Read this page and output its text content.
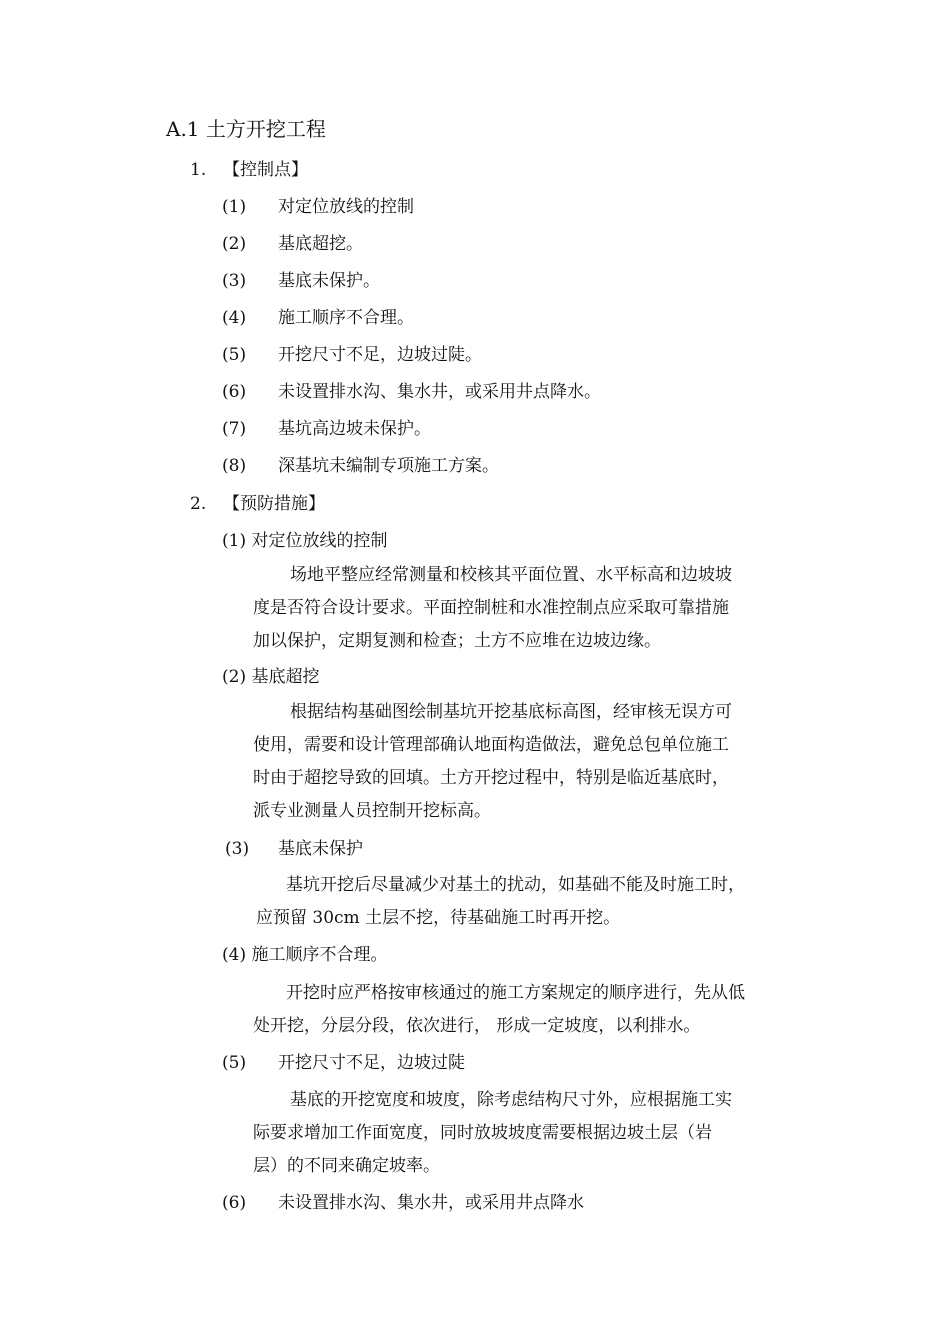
A.1 土方开挖工程
1. 【控制点】
(1) 对定位放线的控制
(2) 基底超挖。
(3) 基底未保护。
(4) 施工顺序不合理。
(5) 开挖尺寸不足，边坡过陡。
(6) 未设置排水沟、集水井，或采用井点降水。
(7) 基坑高边坡未保护。
(8) 深基坑未编制专项施工方案。
2. 【预防措施】
(1) 对定位放线的控制
场地平整应经常测量和校核其平面位置、水平标高和边坡坡
度是否符合设计要求。平面控制桩和水准控制点应采取可靠措施
加以保护，定期复测和检查；土方不应堆在边坡边缘。
(2) 基底超挖
根据结构基础图绘制基坑开挖基底标高图，经审核无误方可
使用，需要和设计管理部确认地面构造做法，避免总包单位施工
时由于超挖导致的回填。土方开挖过程中，特别是临近基底时，
派专业测量人员控制开挖标高。
(3) 基底未保护
基坑开挖后尽量减少对基土的扰动，如基础不能及时施工时，
应预留 30cm 土层不挖，待基础施工时再开挖。
(4) 施工顺序不合理。
开挖时应严格按审核通过的施工方案规定的顺序进行，先从低
处开挖，分层分段，依次进行， 形成一定坡度，以利排水。
(5) 开挖尺寸不足，边坡过陡
基底的开挖宽度和坡度，除考虑结构尺寸外，应根据施工实
际要求增加工作面宽度，同时放坡坡度需要根据边坡土层（岩
层）的不同来确定坡率。
(6) 未设置排水沟、集水井，或采用井点降水
